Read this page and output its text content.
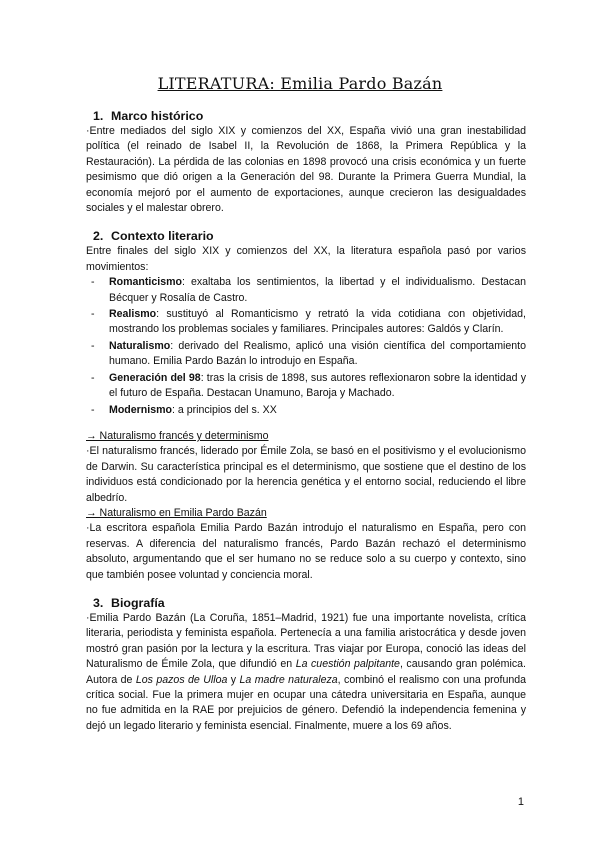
LITERATURA: Emilia Pardo Bazán
1. Marco histórico

·Entre mediados del siglo XIX y comienzos del XX, España vivió una gran inestabilidad política (el reinado de Isabel II, la Revolución de 1868, la Primera República y la Restauración). La pérdida de las colonias en 1898 provocó una crisis económica y un fuerte pesimismo que dió origen a la Generación del 98. Durante la Primera Guerra Mundial, la economía mejoró por el aumento de exportaciones, aunque crecieron las desigualdades sociales y el malestar obrero.

2. Contexto literario

Entre finales del siglo XIX y comienzos del XX, la literatura española pasó por varios movimientos:

- Romanticismo: exaltaba los sentimientos, la libertad y el individualismo. Destacan Bécquer y Rosalía de Castro.
- Realismo: sustituyó al Romanticismo y retrató la vida cotidiana con objetividad, mostrando los problemas sociales y familiares. Principales autores: Galdós y Clarín.
- Naturalismo: derivado del Realismo, aplicó una visión científica del comportamiento humano. Emilia Pardo Bazán lo introdujo en España.
- Generación del 98: tras la crisis de 1898, sus autores reflexionaron sobre la identidad y el futuro de España. Destacan Unamuno, Baroja y Machado.
- Modernismo: a principios del s. XX
→ Naturalismo francés y determinismo

·El naturalismo francés, liderado por Émile Zola, se basó en el positivismo y el evolucionismo de Darwin. Su característica principal es el determinismo, que sostiene que el destino de los individuos está condicionado por la herencia genética y el entorno social, reduciendo el libre albedrío.

→ Naturalismo en Emilia Pardo Bazán

·La escritora española Emilia Pardo Bazán introdujo el naturalismo en España, pero con reservas. A diferencia del naturalismo francés, Pardo Bazán rechazó el determinismo absoluto, argumentando que el ser humano no se reduce solo a su cuerpo y contexto, sino que también posee voluntad y conciencia moral.

3. Biografía

·Emilia Pardo Bazán (La Coruña, 1851–Madrid, 1921) fue una importante novelista, crítica literaria, periodista y feminista española. Pertenecía a una familia aristocrática y desde joven mostró gran pasión por la lectura y la escritura. Tras viajar por Europa, conoció las ideas del Naturalismo de Émile Zola, que difundió en La cuestión palpitante, causando gran polémica. Autora de Los pazos de Ulloa y La madre naturaleza, combinó el realismo con una profunda crítica social. Fue la primera mujer en ocupar una cátedra universitaria en España, aunque no fue admitida en la RAE por prejuicios de género. Defendió la independencia femenina y dejó un legado literario y feminista esencial. Finalmente, muere a los 69 años.

1
